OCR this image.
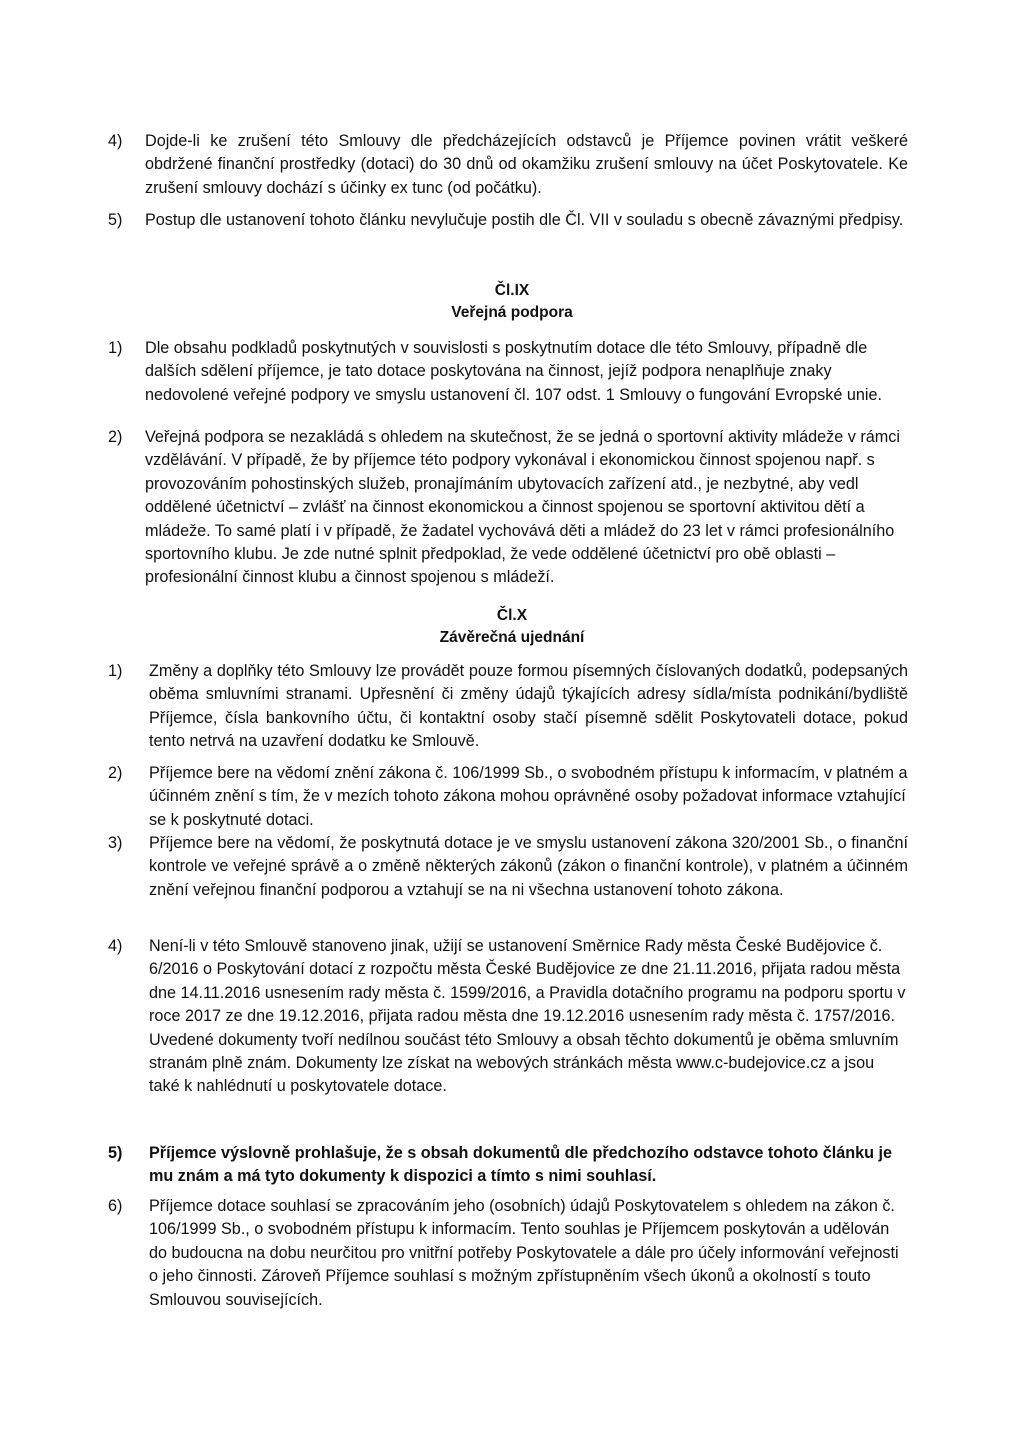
4)	Dojde-li ke zrušení této Smlouvy dle předcházejících odstavců je Příjemce povinen vrátit veškeré obdržené finanční prostředky (dotaci) do 30 dnů od okamžiku zrušení smlouvy na účet Poskytovatele. Ke zrušení smlouvy dochází s účinky ex tunc (od počátku).
5)	Postup dle ustanovení tohoto článku nevylučuje postih dle Čl. VII v souladu s obecně závaznými předpisy.
Čl.IX
Veřejná podpora
1)	Dle obsahu podkladů poskytnutých v souvislosti s poskytnutím dotace dle této Smlouvy, případně dle dalších sdělení příjemce, je tato dotace poskytována na činnost, jejíž podpora nenaplňuje znaky nedovolené veřejné podpory ve smyslu ustanovení čl. 107 odst. 1 Smlouvy o fungování Evropské unie.
2)	Veřejná podpora se nezakládá s ohledem na skutečnost, že se jedná o sportovní aktivity mládeže v rámci vzdělávání. V případě, že by příjemce této podpory vykonával i ekonomickou činnost spojenou např. s provozováním pohostinských služeb, pronajímáním ubytovacích zařízení atd., je nezbytné, aby vedl oddělené účetnictví – zvlášť na činnost ekonomickou a činnost spojenou se sportovní aktivitou dětí a mládeže. To samé platí i v případě, že žadatel vychovává děti a mládež do 23 let v rámci profesionálního sportovního klubu. Je zde nutné splnit předpoklad, že vede oddělené účetnictví pro obě oblasti – profesionální činnost klubu a činnost spojenou s mládeží.
Čl.X
Závěrečná ujednání
1)	Změny a doplňky této Smlouvy lze provádět pouze formou písemných číslovaných dodatků, podepsaných oběma smluvními stranami. Upřesnění či změny údajů týkajících adresy sídla/místa podnikání/bydliště Příjemce, čísla bankovního účtu, či kontaktní osoby stačí písemně sdělit Poskytovateli dotace, pokud tento netrvá na uzavření dodatku ke Smlouvě.
2)	Příjemce bere na vědomí znění zákona č. 106/1999 Sb., o svobodném přístupu k informacím, v platném a účinném znění s tím, že v mezích tohoto zákona mohou oprávněné osoby požadovat informace vztahující se k poskytnuté dotaci.
3)	Příjemce bere na vědomí, že poskytnutá dotace je ve smyslu ustanovení zákona 320/2001 Sb., o finanční kontrole ve veřejné správě a o změně některých zákonů (zákon o finanční kontrole), v platném a účinném znění veřejnou finanční podporou a vztahují se na ni všechna ustanovení tohoto zákona.
4)	Není-li v této Smlouvě stanoveno jinak, užijí se ustanovení Směrnice Rady města České Budějovice č. 6/2016 o Poskytování dotací z rozpočtu města České Budějovice ze dne 21.11.2016, přijata radou města dne 14.11.2016 usnesením rady města č. 1599/2016, a Pravidla dotačního programu na podporu sportu v roce 2017 ze dne 19.12.2016, přijata radou města dne 19.12.2016 usnesením rady města č. 1757/2016. Uvedené dokumenty tvoří nedílnou součást této Smlouvy a obsah těchto dokumentů je oběma smluvním stranám plně znám. Dokumenty lze získat na webových stránkách města www.c-budejovice.cz a jsou také k nahlédnutí u poskytovatele dotace.
5)	Příjemce výslovně prohlašuje, že s obsah dokumentů dle předchozího odstavce tohoto článku je mu znám a má tyto dokumenty k dispozici a tímto s nimi souhlasí.
6)	Příjemce dotace souhlasí se zpracováním jeho (osobních) údajů Poskytovatelem s ohledem na zákon č. 106/1999 Sb., o svobodném přístupu k informacím. Tento souhlas je Příjemcem poskytován a udělován do budoucna na dobu neurčitou pro vnitřní potřeby Poskytovatele a dále pro účely informování veřejnosti o jeho činnosti. Zároveň Příjemce souhlasí s možným zpřístupněním všech úkonů a okolností s touto Smlouvou souvisejících.
